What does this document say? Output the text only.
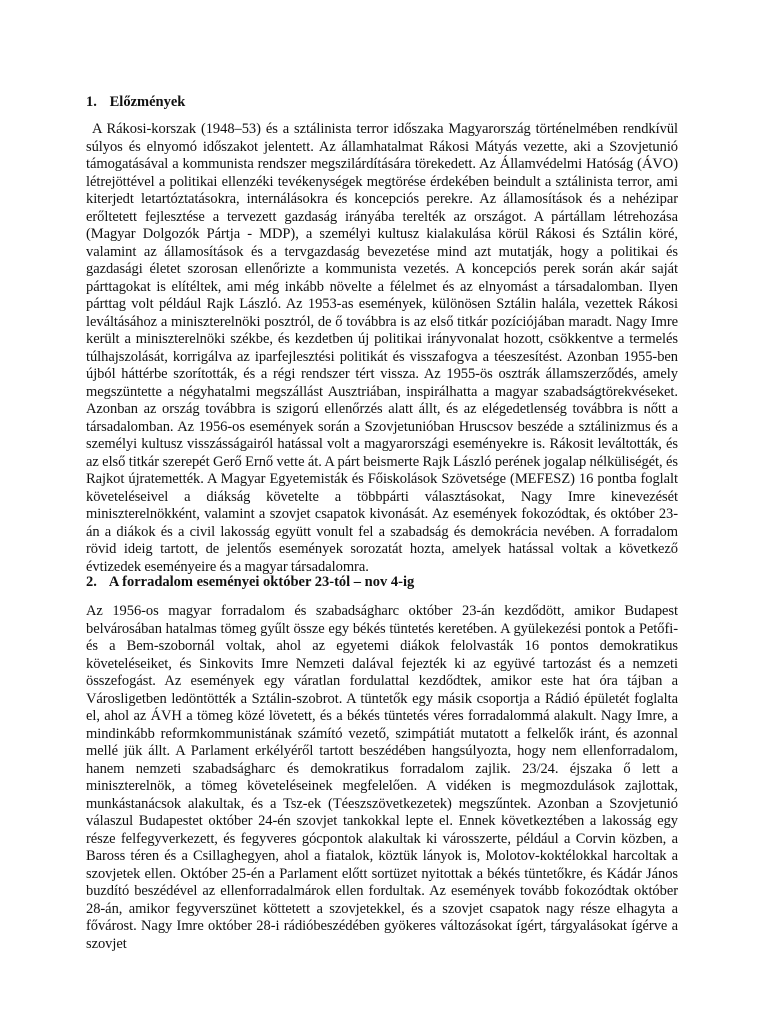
1. Előzmények
A Rákosi-korszak (1948–53) és a sztálinista terror időszaka Magyarország történelmében rendkívül súlyos és elnyomó időszakot jelentett. Az államhatalmat Rákosi Mátyás vezette, aki a Szovjetunió támogatásával a kommunista rendszer megszilárdítására törekedett. Az Államvédelmi Hatóság (ÁVO) létrejöttével a politikai ellenzéki tevékenységek megtörése érdekében beindult a sztálinista terror, ami kiterjedt letartóztatásokra, internálásokra és koncepciós perekre. Az államosítások és a nehézipar erőltetett fejlesztése a tervezett gazdaság irányába terelték az országot. A pártállam létrehozása (Magyar Dolgozók Pártja - MDP), a személyi kultusz kialakulása körül Rákosi és Sztálin köré, valamint az államosítások és a tervgazdaság bevezetése mind azt mutatják, hogy a politikai és gazdasági életet szorosan ellenőrizte a kommunista vezetés. A koncepciós perek során akár saját párttagokat is elítéltek, ami még inkább növelte a félelmet és az elnyomást a társadalomban. Ilyen párttag volt például Rajk László. Az 1953-as események, különösen Sztálin halála, vezettek Rákosi leváltásához a miniszterelnöki posztról, de ő továbbra is az első titkár pozíciójában maradt. Nagy Imre került a miniszterelnöki székbe, és kezdetben új politikai irányvonalat hozott, csökkentve a termelés túlhajszolását, korrigálva az iparfejlesztési politikát és visszafogva a téeszesítést. Azonban 1955-ben újból háttérbe szorították, és a régi rendszer tért vissza. Az 1955-ös osztrák államszerződés, amely megszüntette a négyhatalmi megszállást Ausztriában, inspirálhatta a magyar szabadságtörekvéseket. Azonban az ország továbbra is szigorú ellenőrzés alatt állt, és az elégedetlenség továbbra is nőtt a társadalomban. Az 1956-os események során a Szovjetunióban Hruscsov beszéde a sztálinizmus és a személyi kultusz visszásságairól hatással volt a magyarországi eseményekre is. Rákosit leváltották, és az első titkár szerepét Gerő Ernő vette át. A párt beismerte Rajk László perének jogalap nélküliségét, és Rajkot újratemették. A Magyar Egyetemisták és Főiskolások Szövetsége (MEFESZ) 16 pontba foglalt követeléseivel a diákság követelte a többpárti választásokat, Nagy Imre kinevezését miniszterelnökként, valamint a szovjet csapatok kivonását. Az események fokozódtak, és október 23-án a diákok és a civil lakosság együtt vonult fel a szabadság és demokrácia nevében. A forradalom rövid ideig tartott, de jelentős események sorozatát hozta, amelyek hatással voltak a következő évtizedek eseményeire és a magyar társadalomra.
2. A forradalom eseményei október 23-tól – nov 4-ig
Az 1956-os magyar forradalom és szabadságharc október 23-án kezdődött, amikor Budapest belvárosában hatalmas tömeg gyűlt össze egy békés tüntetés keretében. A gyülekezési pontok a Petőfi- és a Bem-szobornál voltak, ahol az egyetemi diákok felolvasták 16 pontos demokratikus követeléseiket, és Sinkovits Imre Nemzeti dalával fejezték ki az együvé tartozást és a nemzeti összefogást. Az események egy váratlan fordulattal kezdődtek, amikor este hat óra tájban a Városligetben ledöntötték a Sztálin-szobrot. A tüntetők egy másik csoportja a Rádió épületét foglalta el, ahol az ÁVH a tömeg közé lövetett, és a békés tüntetés véres forradalommá alakult. Nagy Imre, a mindinkább reformkommunistának számító vezető, szimpátiát mutatott a felkelők iránt, és azonnal mellé jük állt. A Parlament erkélyéről tartott beszédében hangsúlyozta, hogy nem ellenforradalom, hanem nemzeti szabadságharc és demokratikus forradalom zajlik. 23/24. éjszaka ő lett a miniszterelnök, a tömeg követeléseinek megfelelően. A vidéken is megmozdulások zajlottak, munkástanácsok alakultak, és a Tsz-ek (Téeszszövetkezetek) megszűntek. Azonban a Szovjetunió válaszul Budapestet október 24-én szovjet tankokkal lepte el. Ennek következtében a lakosság egy része felfegyverkezett, és fegyveres gócpontok alakultak ki városszerte, például a Corvin közben, a Baross téren és a Csillaghegyen, ahol a fiatalok, köztük lányok is, Molotov-koktélokkal harcoltak a szovjetek ellen. Október 25-én a Parlament előtt sortüzet nyitottak a békés tüntetőkre, és Kádár János buzdító beszédével az ellenforradalmárok ellen fordultak. Az események tovább fokozódtak október 28-án, amikor fegyverszünet köttetett a szovjetekkel, és a szovjet csapatok nagy része elhagyta a fővárost. Nagy Imre október 28-i rádióbeszédében gyökeres változásokat ígért, tárgyalásokat ígérve a szovjet
